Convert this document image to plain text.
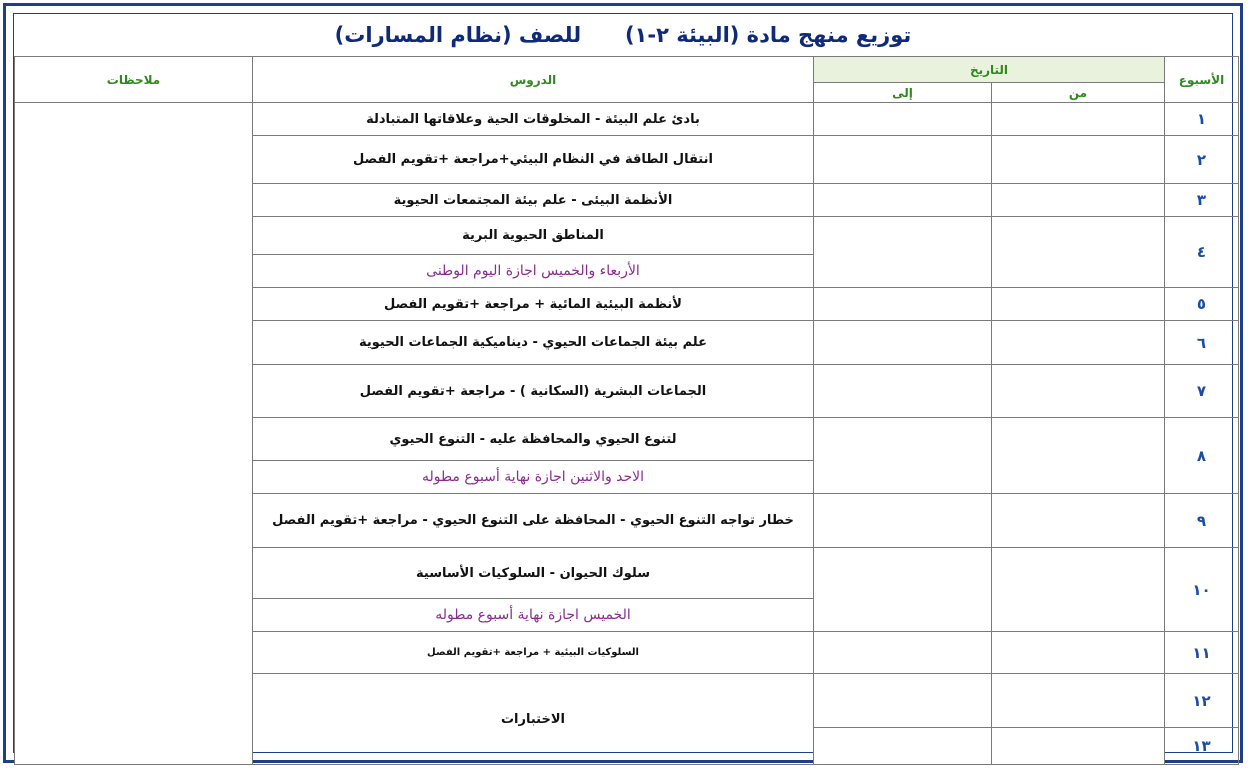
توزيع منهج مادة (البيئة ٢-١)      للصف (نظام المسارات)
الأسبوع	التاريخ		الدروس	ملاحظات
	من	إلى		
١			بادئ علم البيئة - المخلوقات الحية وعلاقاتها المتبادلة	
٢			انتقال الطاقة في النظام البيئي+مراجعة +تقويم الفصل	
٣			الأنظمة البيئى - علم بيئة المجتمعات الحيوية	
٤			المناطق الحيوية البرية	
			الأربعاء والخميس اجازة اليوم الوطنى	
٥			لأنظمة البيئية المائية + مراجعة +تقويم الفصل	
٦			علم بيئة الجماعات الحيوي - ديناميكية الجماعات الحيوية	
٧			الجماعات البشرية (السكانية ) - مراجعة +تقويم الفصل	
٨			لتنوع الحيوي والمحافظة عليه - التنوع الحيوي	
			الاحد والاثنين اجازة نهاية أسبوع مطوله	
٩			خطار تواجه التنوع الحيوي - المحافظة على التنوع الحيوي - مراجعة +تقويم الفصل	
١٠			سلوك الحيوان - السلوكيات الأساسية	
			الخميس اجازة نهاية أسبوع مطوله	
١١			السلوكيات البيئية + مراجعة +تقويم الفصل	
١٢			الاختبارات	
١٣				
